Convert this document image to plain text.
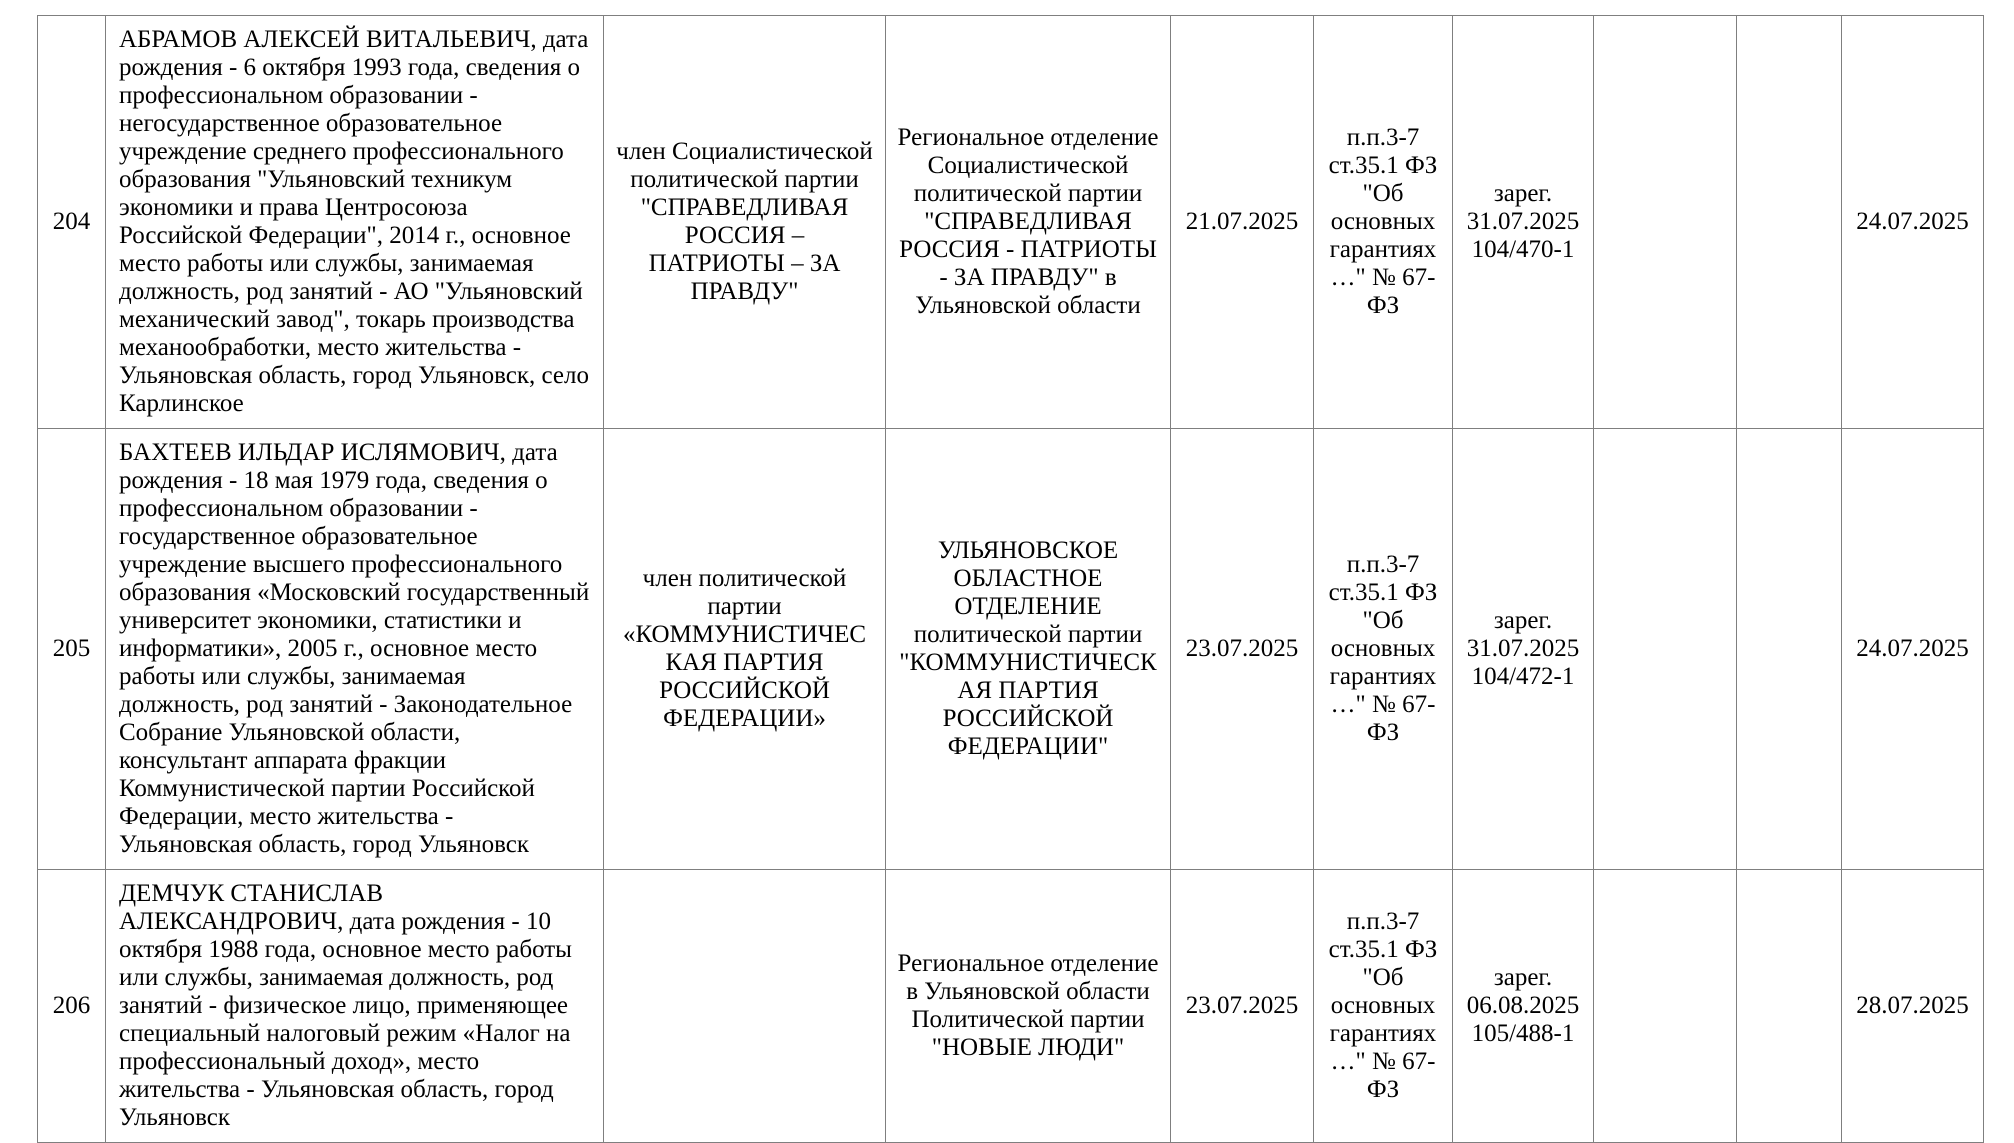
204	АБРАМОВ АЛЕКСЕЙ ВИТАЛЬЕВИЧ, дата рождения - 6 октября 1993 года, сведения о профессиональном образовании - негосударственное образовательное учреждение среднего профессионального образования "Ульяновский техникум экономики и права Центросоюза Российской Федерации", 2014 г., основное место работы или службы, занимаемая должность, род занятий - АО "Ульяновский механический завод", токарь производства механообработки, место жительства - Ульяновская область, город Ульяновск, село Карлинское	член Социалистической политической партии "СПРАВЕДЛИВАЯ РОССИЯ – ПАТРИОТЫ – ЗА ПРАВДУ"	Региональное отделение Социалистической политической партии "СПРАВЕДЛИВАЯ РОССИЯ - ПАТРИОТЫ - ЗА ПРАВДУ" в Ульяновской области	21.07.2025	п.п.3-7 ст.35.1 ФЗ "Об основных гарантиях …" № 67-ФЗ	зарег. 31.07.2025 104/470-1			24.07.2025
205	БАХТЕЕВ ИЛЬДАР ИСЛЯМОВИЧ, дата рождения - 18 мая 1979 года, сведения о профессиональном образовании - государственное образовательное учреждение высшего профессионального образования «Московский государственный университет экономики, статистики и информатики», 2005 г., основное место работы или службы, занимаемая должность, род занятий - Законодательное Собрание Ульяновской области, консультант аппарата фракции Коммунистической партии Российской Федерации, место жительства - Ульяновская область, город Ульяновск	член политической партии «КОММУНИСТИЧЕСКАЯ ПАРТИЯ РОССИЙСКОЙ ФЕДЕРАЦИИ»	УЛЬЯНОВСКОЕ ОБЛАСТНОЕ ОТДЕЛЕНИЕ политической партии "КОММУНИСТИЧЕСКАЯ ПАРТИЯ РОССИЙСКОЙ ФЕДЕРАЦИИ"	23.07.2025	п.п.3-7 ст.35.1 ФЗ "Об основных гарантиях …" № 67-ФЗ	зарег. 31.07.2025 104/472-1			24.07.2025
206	ДЕМЧУК СТАНИСЛАВ АЛЕКСАНДРОВИЧ, дата рождения - 10 октября 1988 года, основное место работы или службы, занимаемая должность, род занятий - физическое лицо, применяющее специальный налоговый режим «Налог на профессиональный доход», место жительства - Ульяновская область, город Ульяновск		Региональное отделение в Ульяновской области Политической партии "НОВЫЕ ЛЮДИ"	23.07.2025	п.п.3-7 ст.35.1 ФЗ "Об основных гарантиях …" № 67-ФЗ	зарег. 06.08.2025 105/488-1			28.07.2025
